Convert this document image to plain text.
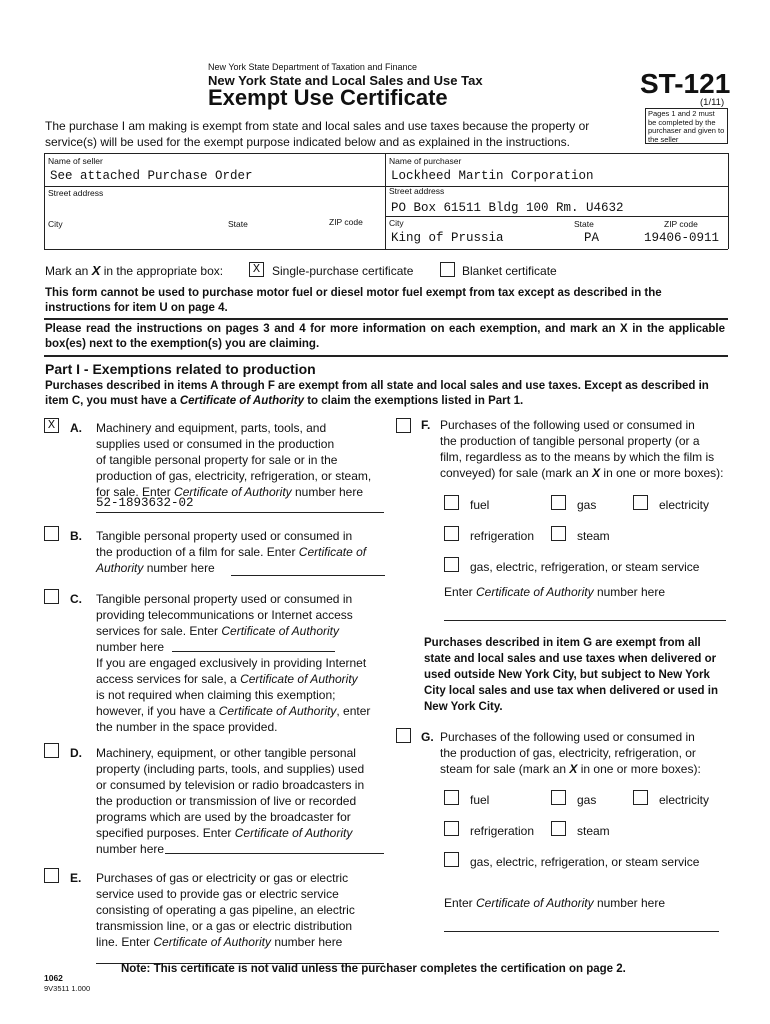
New York State Department of Taxation and Finance
New York State and Local Sales and Use Tax
Exempt Use Certificate	ST-121
(1/11)
Pages 1 and 2 must be completed by the purchaser and given to the seller
The purchase I am making is exempt from state and local sales and use taxes because the property or service(s) will be used for the exempt purpose indicated below and as explained in the instructions.
Name of seller
See attached Purchase Order
Street address
City	State	ZIP code
Name of purchaser
Lockheed Martin Corporation
Street address
PO Box 61511 Bldg 100 Rm. U4632
City
King of Prussia
State
PA
ZIP code
19406-0911
Mark an X in the appropriate box:	X Single-purchase certificate	Blanket certificate
This form cannot be used to purchase motor fuel or diesel motor fuel exempt from tax except as described in the instructions for item U on page 4.
Please read the instructions on pages 3 and 4 for more information on each exemption, and mark an X in the applicable box(es) next to the exemption(s) you are claiming.
Part I - Exemptions related to production
Purchases described in items A through F are exempt from all state and local sales and use taxes. Except as described in item C, you must have a Certificate of Authority to claim the exemptions listed in Part 1.
X	A. Machinery and equipment, parts, tools, and
supplies used or consumed in the production
of tangible personal property for sale or in the
production of gas, electricity, refrigeration, or steam,
for sale. Enter Certificate of Authority number here
52-1893632-02
B. Tangible personal property used or consumed in
the production of a film for sale. Enter Certificate of
Authority number here
C. Tangible personal property used or consumed in
providing telecommunications or Internet access
services for sale. Enter Certificate of Authority
number here
If you are engaged exclusively in providing Internet
access services for sale, a Certificate of Authority
is not required when claiming this exemption;
however, if you have a Certificate of Authority, enter
the number in the space provided.
D. Machinery, equipment, or other tangible personal
property (including parts, tools, and supplies) used
or consumed by television or radio broadcasters in
the production or transmission of live or recorded
programs which are used by the broadcaster for
specified purposes. Enter Certificate of Authority
number here
E. Purchases of gas or electricity or gas or electric
service used to provide gas or electric service
consisting of operating a gas pipeline, an electric
transmission line, or a gas or electric distribution
line. Enter Certificate of Authority number here
F. Purchases of the following used or consumed in
the production of tangible personal property (or a
film, regardless as to the means by which the film is
conveyed) for sale (mark an X in one or more boxes):
fuel	gas	electricity
refrigeration	steam
gas, electric, refrigeration, or steam service
Enter Certificate of Authority number here
Purchases described in item G are exempt from all state and local sales and use taxes when delivered or used outside New York City, but subject to New York City local sales and use tax when delivered or used in New York City.
G. Purchases of the following used or consumed in
the production of gas, electricity, refrigeration, or
steam for sale (mark an X in one or more boxes):
fuel	gas	electricity
refrigeration	steam
gas, electric, refrigeration, or steam service
Enter Certificate of Authority number here
Note: This certificate is not valid unless the purchaser completes the certification on page 2.
1062
9V3511 1.000
